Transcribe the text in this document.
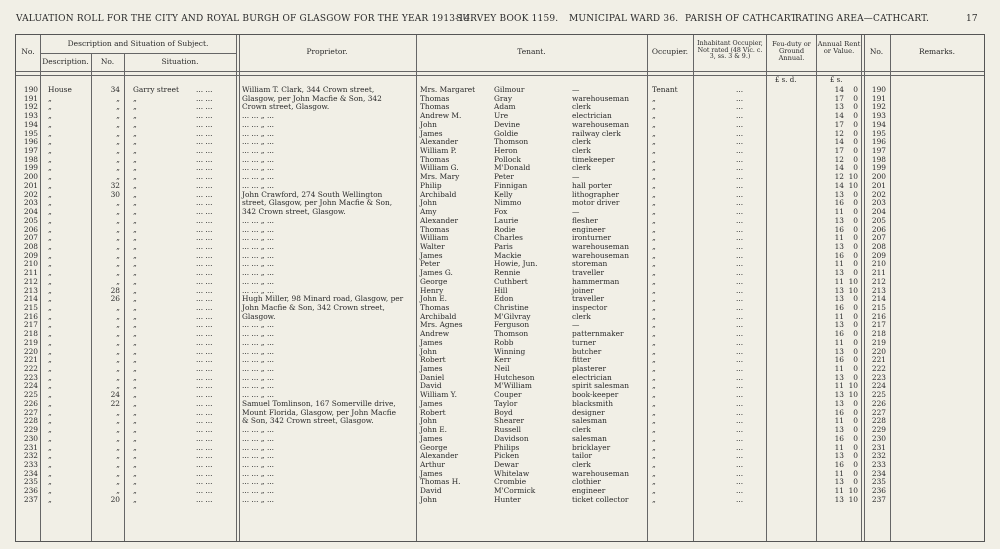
VALUATION ROLL FOR THE CITY AND ROYAL BURGH OF GLASGOW FOR THE YEAR 1913-14.
SURVEY BOOK 1159. MUNICIPAL WARD 36. PARISH OF CATHCART.
RATING AREA—CATHCART.	17
No.
Description and Situation of Subject.
Description.	No.	Situation.
Proprietor.	Tenant.	Occupier.
Inhabitant Occupier, Not rated (48 Vic. c. 3, ss. 3 & 9.)
Feu-duty or Ground Annual.
Annual Rent or Value.	No.	Remarks.
£ s. d.	£ s.
190 House	34 Garry street ... ...	William T. Clark, 344 Crown street,	Mrs. Margaret	Gilmour	—	Tenant	...	14	0	190
191 „	„ „	... ...	Glasgow, per John Macfie & Son, 342	Thomas	Gray	warehouseman	„	...	17	0	191
192 „	„ „	... ...	Crown street, Glasgow.	Thomas	Adam	clerk	„	...	13	0	192
193 „	„ „	... ...	... ... „ ...	Andrew M.	Ure	electrician	„	...	14	0	193
194 „	„ „	... ...	... ... „ ...	John	Devine	warehouseman	„	...	17	0	194
195 „	„ „	... ...	... ... „ ...	James	Goldie	railway clerk	„	...	12	0	195
196 „	„ „	... ...	... ... „ ...	Alexander	Thomson	clerk	„	...	14	0	196
197 „	„ „	... ...	... ... „ ...	William P.	Heron	clerk	„	...	17	0	197
198 „	„ „	... ...	... ... „ ...	Thomas	Pollock	timekeeper	„	...	12	0	198
199 „	„ „	... ...	... ... „ ...	William G.	M'Donald	clerk	„	...	14	0	199
200 „	„ „	... ...	... ... „ ...	Mrs. Mary	Peter	—	„	...	12 10	200
201 „	32 „	... ...	... ... „ ...	Philip	Finnigan	hall porter	„	...	14 10	201
202 „	30 „	... ...	John Crawford, 274 South Wellington	Archibald	Kelly	lithographer	„	...	13	0	202
203 „	„ „	... ...	street, Glasgow, per John Macfie & Son,	John	Nimmo	motor driver	„	...	16	0	203
204 „	„ „	... ...	342 Crown street, Glasgow.	Amy	Fox	—	„	...	11	0	204
205 „	„ „	... ...	... ... „ ...	Alexander	Laurie	flesher	„	...	13	0	205
206 „	„ „	... ...	... ... „ ...	Thomas	Rodie	engineer	„	...	16	0	206
207 „	„ „	... ...	... ... „ ...	William	Charles	ironturner	„	...	11	0	207
208 „	„ „	... ...	... ... „ ...	Walter	Paris	warehouseman	„	...	13	0	208
209 „	„ „	... ...	... ... „ ...	James	Mackie	warehouseman	„	...	16	0	209
210 „	„ „	... ...	... ... „ ...	Peter	Howie, Jun.	storeman	„	...	11	0	210
211 „	„ „	... ...	... ... „ ...	James G.	Rennie	traveller	„	...	13	0	211
212 „	„ „	... ...	... ... „ ...	George	Cuthbert	hammerman	„	...	11 10	212
213 „	28 „	... ...	... ... „ ...	Henry	Hill	joiner	„	...	13 10	213
214 „	26 „	... ...	Hugh Miller, 98 Minard road, Glasgow, per John E.	Edon	traveller	„	...	13	0	214
215 „	„ „	... ...	John Macfie & Son, 342 Crown street,	Thomas	Christine	inspector	„	...	16	0	215
216 „	„ „	... ...	Glasgow.	Archibald	M'Gilvray	clerk	„	...	11	0	216
217 „	„ „	... ...	... ... „ ...	Mrs. Agnes	Ferguson	—	„	...	13	0	217
218 „	„ „	... ...	... ... „ ...	Andrew	Thomson	patternmaker	„	...	16	0	218
219 „	„ „	... ...	... ... „ ...	James	Robb	turner	„	...	11	0	219
220 „	„ „	... ...	... ... „ ...	John	Winning	butcher	„	...	13	0	220
221 „	„ „	... ...	... ... „ ...	Robert	Kerr	fitter	„	...	16	0	221
222 „	„ „	... ...	... ... „ ...	James	Neil	plasterer	„	...	11	0	222
223 „	„ „	... ...	... ... „ ...	Daniel	Hutcheson	electrician	„	...	13	0	223
224 „	„ „	... ...	... ... „ ...	David	M'William	spirit salesman	„	...	11 10	224
225 „	24 „	... ...	... ... „ ...	William Y.	Couper	book-keeper	„	...	13 10	225
226 „	22 „	... ...	Samuel Tomlinson, 167 Somerville drive,	James	Taylor	blacksmith	„	...	13	0	226
227 „	„ „	... ...	Mount Florida, Glasgow, per John Macfie	Robert	Boyd	designer	„	...	16	0	227
228 „	„ „	... ...	& Son, 342 Crown street, Glasgow.	John	Shearer	salesman	„	...	11	0	228
229 „	„ „	... ...	... ... „ ...	John E.	Russell	clerk	„	...	13	0	229
230 „	„ „	... ...	... ... „ ...	James	Davidson	salesman	„	...	16	0	230
231 „	„ „	... ...	... ... „ ...	George	Philips	bricklayer	„	...	11	0	231
232 „	„ „	... ...	... ... „ ...	Alexander	Picken	tailor	„	...	13	0	232
233 „	„ „	... ...	... ... „ ...	Arthur	Dewar	clerk	„	...	16	0	233
234 „	„ „	... ...	... ... „ ...	James	Whitelaw	warehouseman	„	...	11	0	234
235 „	„ „	... ...	... ... „ ...	Thomas H.	Crombie	clothier	„	...	13	0	235
236 „	„ „	... ...	... ... „ ...	David	M'Cormick	engineer	„	...	11 10	236
237 „	20 „	... ...	... ... „ ...	John	Hunter	ticket collector	„	...	13 10	237
